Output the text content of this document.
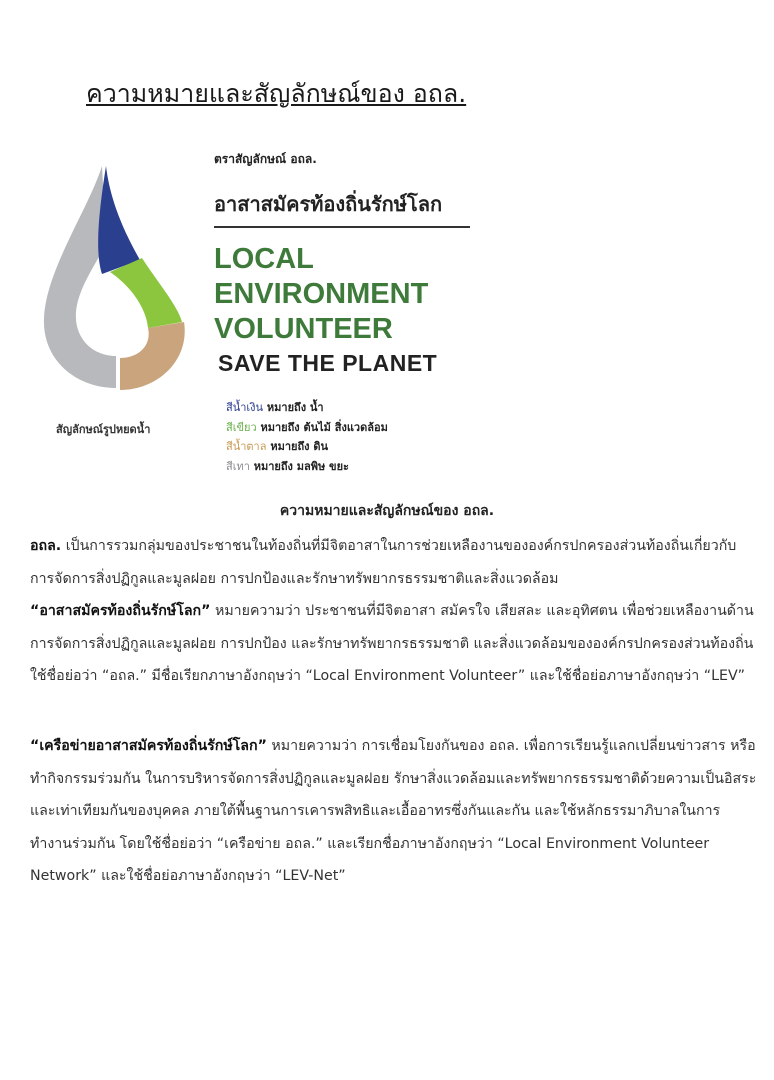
ความหมายและสัญลักษณ์ของ อถล.
สัญลักษณ์รูปหยดน้ำ
ตราสัญลักษณ์ อถล.
อาสาสมัครท้องถิ่นรักษ์โลก
LOCAL
ENVIRONMENT
VOLUNTEER
SAVE THE PLANET
สีน้ำเงิน หมายถึง น้ำ
สีเขียว หมายถึง ต้นไม้ สิ่งแวดล้อม
สีน้ำตาล หมายถึง ดิน
สีเทา หมายถึง มลพิษ ขยะ
ความหมายและสัญลักษณ์ของ อถล.

อถล. เป็นการรวมกลุ่มของประชาชนในท้องถิ่นที่มีจิตอาสาในการช่วยเหลืองานขององค์กรปกครองส่วนท้องถิ่นเกี่ยวกับการจัดการสิ่งปฏิกูลและมูลฝอย การปกป้องและรักษาทรัพยากรธรรมชาติและสิ่งแวดล้อม

“อาสาสมัครท้องถิ่นรักษ์โลก” หมายความว่า ประชาชนที่มีจิตอาสา สมัครใจ เสียสละ และอุทิศตน เพื่อช่วยเหลืองานด้านการจัดการสิ่งปฏิกูลและมูลฝอย การปกป้อง และรักษาทรัพยากรธรรมชาติ และสิ่งแวดล้อมขององค์กรปกครองส่วนท้องถิ่น ใช้ชื่อย่อว่า “อถล.” มีชื่อเรียกภาษาอังกฤษว่า “Local Environment Volunteer” และใช้ชื่อย่อภาษาอังกฤษว่า “LEV”

“เครือข่ายอาสาสมัครท้องถิ่นรักษ์โลก” หมายความว่า การเชื่อมโยงกันของ อถล. เพื่อการเรียนรู้แลกเปลี่ยนข่าวสาร หรือทำกิจกรรมร่วมกัน ในการบริหารจัดการสิ่งปฏิกูลและมูลฝอย รักษาสิ่งแวดล้อมและทรัพยากรธรรมชาติด้วยความเป็นอิสระและเท่าเทียมกันของบุคคล ภายใต้พื้นฐานการเคารพสิทธิและเอื้ออาทรซึ่งกันและกัน และใช้หลักธรรมาภิบาลในการทำงานร่วมกัน โดยใช้ชื่อย่อว่า “เครือข่าย อถล.” และเรียกชื่อภาษาอังกฤษว่า “Local Environment Volunteer Network” และใช้ชื่อย่อภาษาอังกฤษว่า “LEV-Net”
